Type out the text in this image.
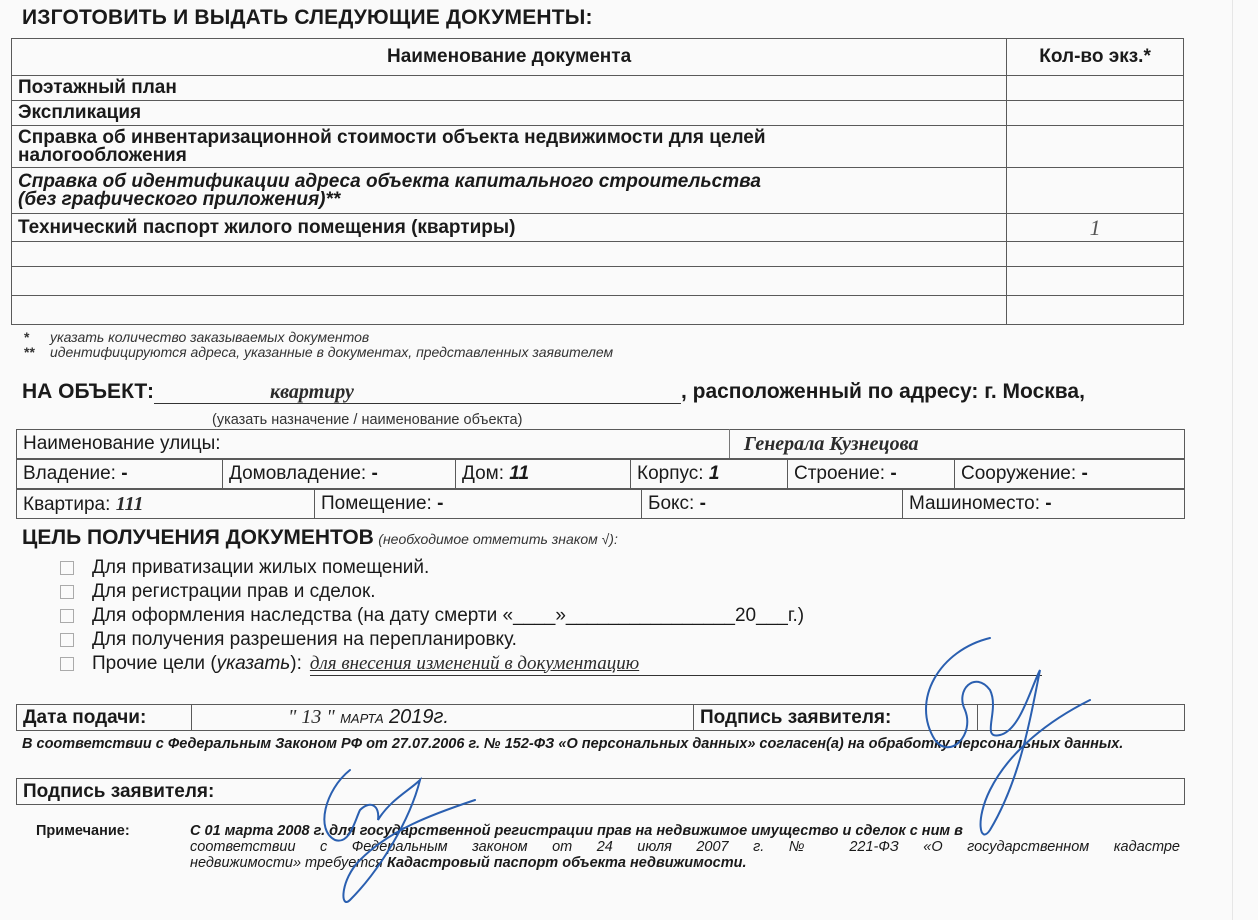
ИЗГОТОВИТЬ И ВЫДАТЬ СЛЕДУЮЩИЕ ДОКУМЕНТЫ:
Наименование документа	Кол-во экз.*
Поэтажный план	
Экспликация	

Справка об инвентаризационной стоимости объекта недвижимости для целей
налогообложения	

Справка об идентификации адреса объекта капитального строительства
(без графического приложения)**	

Технический паспорт жилого помещения (квартиры)	1

* указать количество заказываемых документов
** идентифицируются адреса, указанные в документах, представленных заявителем
НА ОБЪЕКТ:	квартиру	, расположенный по адресу: г. Москва,
(указать назначение / наименование объекта)
Наименование улицы:	Генерала Кузнецова
Владение: -	Домовладение: -	Дом: 11	Корпус: 1	Строение: -	Сооружение: -
Квартира: 111	Помещение: -	Бокс: -	Машиноместо: -
ЦЕЛЬ ПОЛУЧЕНИЯ ДОКУМЕНТОВ (необходимое отметить знаком √):
Для приватизации жилых помещений.
Для регистрации прав и сделок.
Для оформления наследства (на дату смерти «____»________________20___г.)
Для получения разрешения на перепланировку.
Прочие цели ( указать ): для внесения изменений в документацию
Дата подачи:	" 13 " МАРТА 2019г.	Подпись заявителя:	
В соответствии с Федеральным Законом РФ от 27.07.2006 г. № 152-ФЗ «О персональных данных» согласен(а) на обработку персональных данных.
Подпись заявителя:
Примечание:	С 01 марта 2008 г. для государственной регистрации прав на недвижимое имущество и сделок с ним в
соответствии с Федеральным законом от 24 июля 2007 г. № 221-ФЗ «О государственном кадастре
недвижимости» требуется Кадастровый паспорт объекта недвижимости.
